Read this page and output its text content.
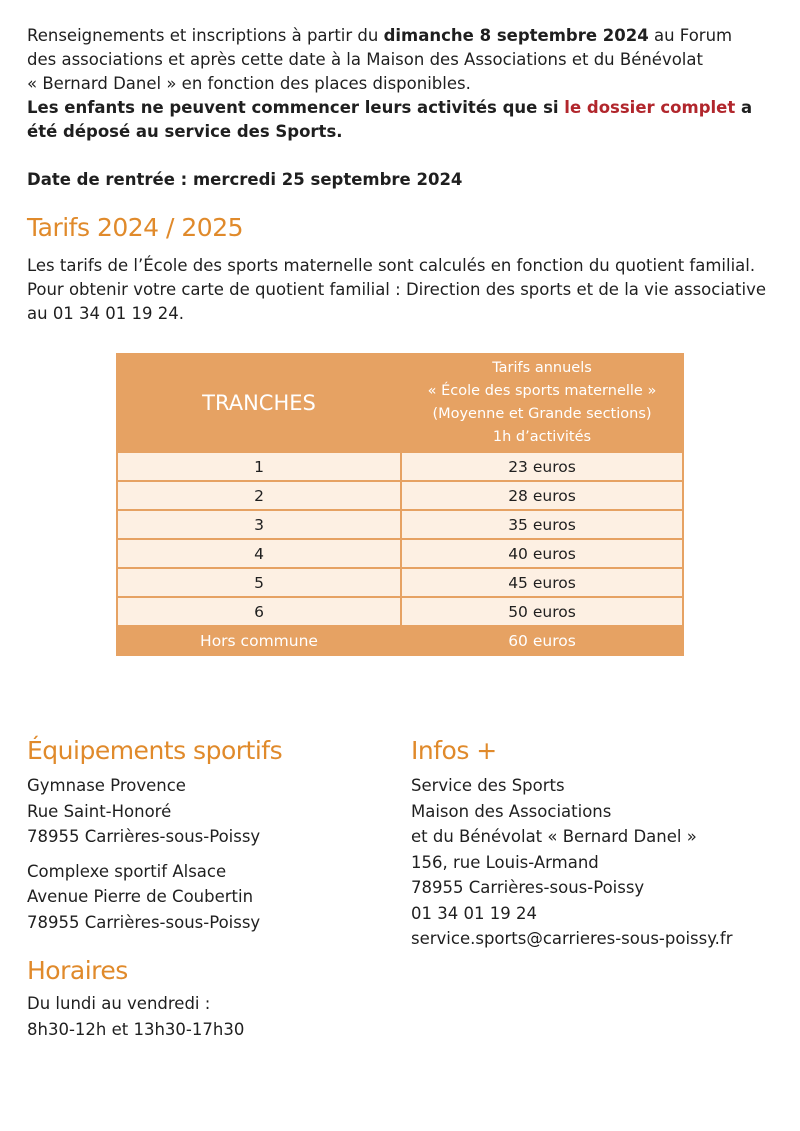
Renseignements et inscriptions à partir du dimanche 8 septembre 2024 au Forum

des associations et après cette date à la Maison des Associations et du Bénévolat

« Bernard Danel » en fonction des places disponibles.

Les enfants ne peuvent commencer leurs activités que si le dossier complet a été déposé au service des Sports.

Date de rentrée : mercredi 25 septembre 2024

Tarifs 2024 / 2025

Les tarifs de l’École des sports maternelle sont calculés en fonction du quotient familial.

Pour obtenir votre carte de quotient familial : Direction des sports et de la vie associative

au 01 34 01 19 24.

TRANCHES	Tarifs annuels
« École des sports maternelle »
(Moyenne et Grande sections)
1h d’activités

1	23 euros
2	28 euros
3	35 euros
4	40 euros
5	45 euros
6	50 euros
Hors commune	60 euros
Équipements sportifs
Gymnase Provence
Rue Saint-Honoré
78955 Carrières-sous-Poissy
Complexe sportif Alsace
Avenue Pierre de Coubertin
78955 Carrières-sous-Poissy
Horaires
Du lundi au vendredi :
8h30-12h et 13h30-17h30
Infos +
Service des Sports
Maison des Associations
et du Bénévolat « Bernard Danel »
156, rue Louis-Armand
78955 Carrières-sous-Poissy
01 34 01 19 24
service.sports@carrieres-sous-poissy.fr
